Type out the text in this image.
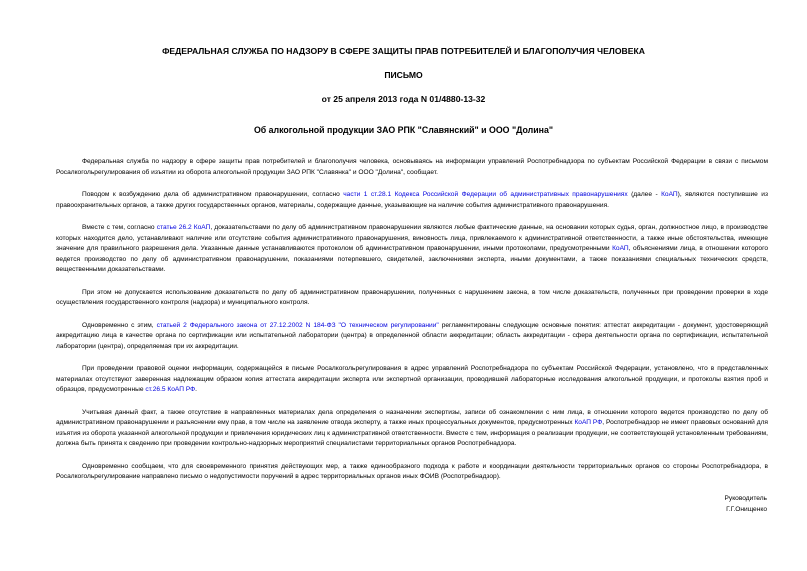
ФЕДЕРАЛЬНАЯ СЛУЖБА ПО НАДЗОРУ В СФЕРЕ ЗАЩИТЫ ПРАВ ПОТРЕБИТЕЛЕЙ И БЛАГОПОЛУЧИЯ ЧЕЛОВЕКА
ПИСЬМО
от 25 апреля 2013 года N 01/4880-13-32
Об алкогольной продукции ЗАО РПК "Славянский" и ООО "Долина"

Федеральная служба по надзору в сфере защиты прав потребителей и благополучия человека, основываясь на информации управлений Роспотребнадзора по субъектам Российской Федерации в связи с письмом Росалкогольрегулирования об изъятии из оборота алкогольной продукции ЗАО РПК "Славянка" и ООО "Долина", сообщает.

Поводом к возбуждению дела об административном правонарушении, согласно части 1 ст.28.1 Кодекса Российской Федерации об административных правонарушениях (далее - КоАП), являются поступившие из правоохранительных органов, а также других государственных органов, материалы, содержащие данные, указывающие на наличие события административного правонарушения.

Вместе с тем, согласно статье 26.2 КоАП, доказательствами по делу об административном правонарушении являются любые фактические данные, на основании которых судья, орган, должностное лицо, в производстве которых находится дело, устанавливают наличие или отсутствие события административного правонарушения, виновность лица, привлекаемого к административной ответственности, а также иные обстоятельства, имеющие значение для правильного разрешения дела. Указанные данные устанавливаются протоколом об административном правонарушении, иными протоколами, предусмотренными КоАП, объяснениями лица, в отношении которого ведется производство по делу об административном правонарушении, показаниями потерпевшего, свидетелей, заключениями эксперта, иными документами, а также показаниями специальных технических средств, вещественными доказательствами.

При этом не допускается использование доказательств по делу об административном правонарушении, полученных с нарушением закона, в том числе доказательств, полученных при проведении проверки в ходе осуществления государственного контроля (надзора) и муниципального контроля.

Одновременно с этим, статьей 2 Федерального закона от 27.12.2002 N 184-ФЗ "О техническом регулировании" регламентированы следующие основные понятия: аттестат аккредитации - документ, удостоверяющий аккредитацию лица в качестве органа по сертификации или испытательной лаборатории (центра) в определенной области аккредитации; область аккредитации - сфера деятельности органа по сертификации, испытательной лаборатории (центра), определяемая при их аккредитации.

При проведении правовой оценки информации, содержащейся в письме Росалкогольрегулирования в адрес управлений Роспотребнадзора по субъектам Российской Федерации, установлено, что в представленных материалах отсутствуют заверенная надлежащим образом копия аттестата аккредитации эксперта или экспертной организации, проводившей лабораторные исследования алкогольной продукции, и протоколы взятия проб и образцов, предусмотренные ст.26.5 КоАП РФ.

Учитывая данный факт, а также отсутствие в направленных материалах дела определения о назначении экспертизы, записи об ознакомлении с ним лица, в отношении которого ведется производство по делу об административном правонарушении и разъяснении ему прав, в том числе на заявление отвода эксперту, а также иных процессуальных документов, предусмотренных КоАП РФ, Роспотребнадзор не имеет правовых оснований для изъятия из оборота указанной алкогольной продукции и привлечения юридических лиц к административной ответственности. Вместе с тем, информация о реализации продукции, не соответствующей установленным требованиям, должна быть принята к сведению при проведении контрольно-надзорных мероприятий специалистами территориальных органов Роспотребнадзора.

Одновременно сообщаем, что для своевременного принятия действующих мер, а также единообразного подхода к работе и координации деятельности территориальных органов со стороны Роспотребнадзора, в Росалкогольрегулирование направлено письмо о недопустимости поручений в адрес территориальных органов иных ФОИВ (Роспотребнадзор).

Руководитель
Г.Г.Онищенко
